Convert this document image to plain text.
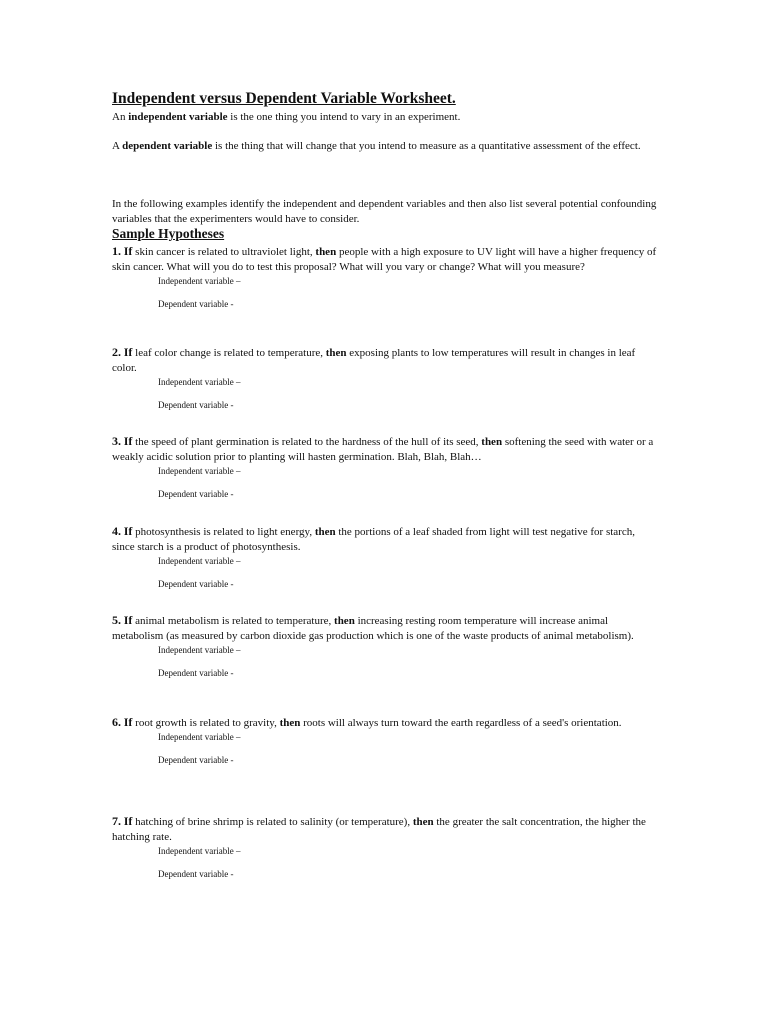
Independent versus Dependent Variable Worksheet.
An independent variable is the one thing you intend to vary in an experiment.
A dependent variable is the thing that will change that you intend to measure as a quantitative assessment of the effect.
In the following examples identify the independent and dependent variables and then also list several potential confounding variables that the experimenters would have to consider.
Sample Hypotheses
1. If skin cancer is related to ultraviolet light, then people with a high exposure to UV light will have a higher frequency of skin cancer. What will you do to test this proposal? What will you vary or change? What will you measure?
Independent variable –
Dependent variable -
2. If leaf color change is related to temperature, then exposing plants to low temperatures will result in changes in leaf color.
Independent variable –
Dependent variable -
3. If the speed of plant germination is related to the hardness of the hull of its seed, then softening the seed with water or a weakly acidic solution prior to planting will hasten germination. Blah, Blah, Blah…
Independent variable –
Dependent variable -
4. If photosynthesis is related to light energy, then the portions of a leaf shaded from light will test negative for starch, since starch is a product of photosynthesis.
Independent variable –
Dependent variable -
5. If animal metabolism is related to temperature, then increasing resting room temperature will increase animal metabolism (as measured by carbon dioxide gas production which is one of the waste products of animal metabolism).
Independent variable –
Dependent variable -
6. If root growth is related to gravity, then roots will always turn toward the earth regardless of a seed's orientation.
Independent variable –
Dependent variable -
7. If hatching of brine shrimp is related to salinity (or temperature), then the greater the salt concentration, the higher the hatching rate.
Independent variable –
Dependent variable -
